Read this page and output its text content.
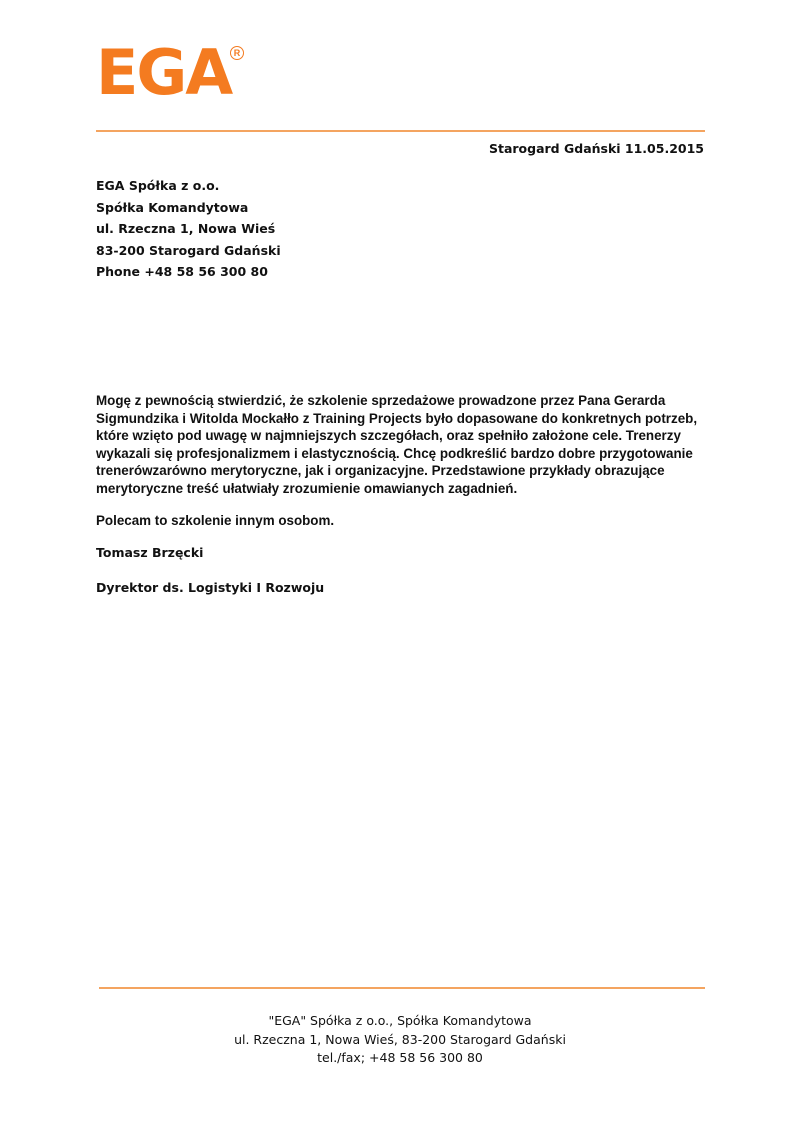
EGA R
Starogard Gdański 11.05.2015
EGA Spółka z o.o.
Spółka Komandytowa
ul. Rzeczna 1, Nowa Wieś
83-200 Starogard Gdański
Phone +48 58 56 300 80
Mogę z pewnością stwierdzić, że szkolenie sprzedażowe prowadzone przez Pana Gerarda
Sigmundzika i Witolda Mockałło z Training Projects było dopasowane do konkretnych potrzeb,
które wzięto pod uwagę w najmniejszych szczegółach, oraz spełniło założone cele. Trenerzy
wykazali się profesjonalizmem i elastycznością. Chcę podkreślić bardzo dobre przygotowanie
trenerówzarówno merytoryczne, jak i organizacyjne. Przedstawione przykłady obrazujące
merytoryczne treść ułatwiały zrozumienie omawianych zagadnień.
Polecam to szkolenie innym osobom.
Tomasz Brzęcki
Dyrektor ds. Logistyki I Rozwoju
"EGA" Spółka z o.o., Spółka Komandytowa
ul. Rzeczna 1, Nowa Wieś, 83-200 Starogard Gdański
tel./fax; +48 58 56 300 80
